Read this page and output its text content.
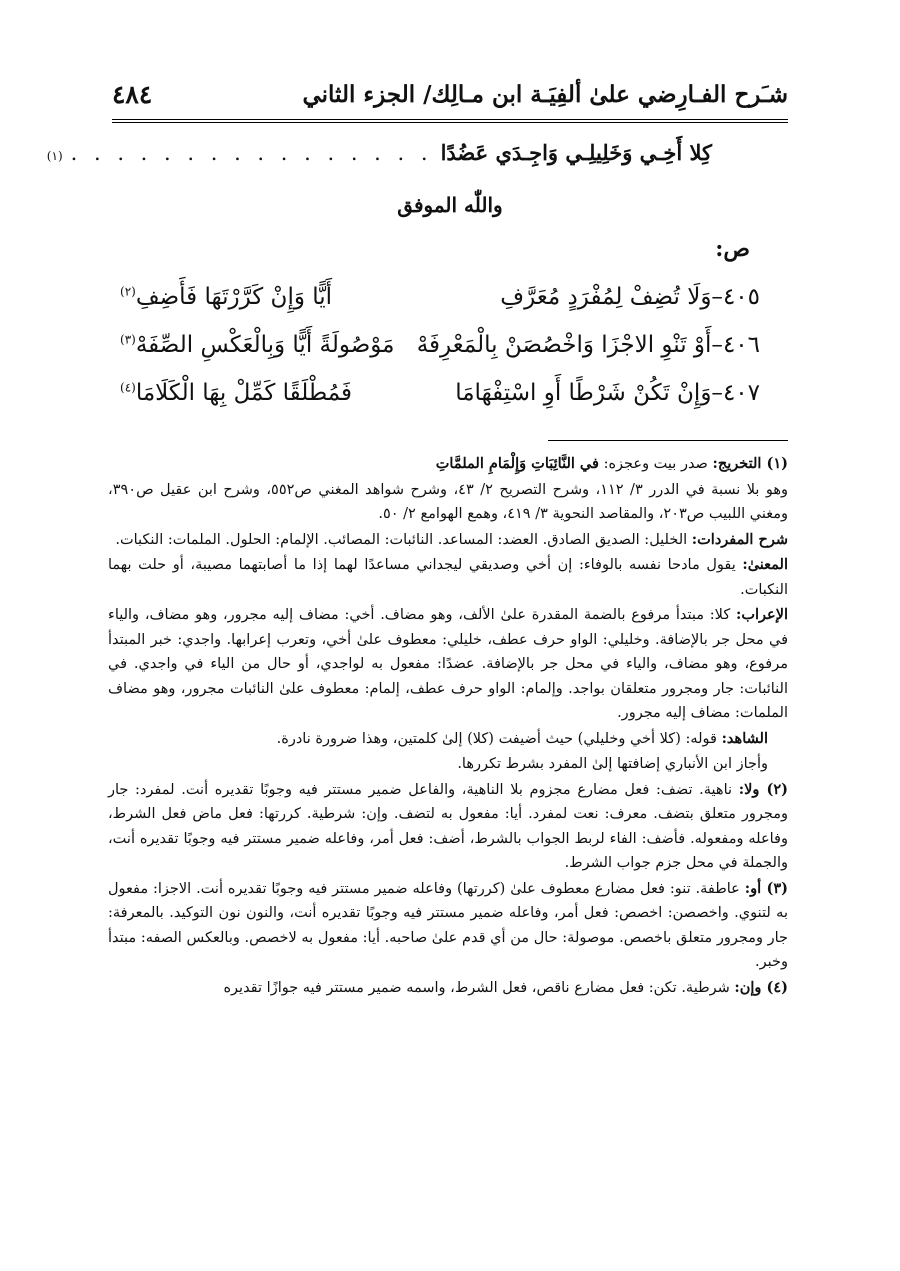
شـَرح الفـارِضي علىٰ ألفِيَـة ابن مـالِك/ الجزء الثاني
٤٨٤
كِلا أَخِـي وَخَلِيلِـي وَاجِـدَي عَضُدًا
. . . . . . . . . . . . . . . .
(١)
واللّٰه الموفق
ص:
٤٠٥–وَلَا تُضِفْ لِمُفْرَدٍ مُعَرَّفِ
أَيًّا وَإِنْ كَرَّرْتَهَا فَأَضِفِ$^{(٢)}$
٤٠٦–أَوْ تَنْوِ الاجْزَا وَاخْصُصَنْ بِالْمَعْرِفَهْ
مَوْصُولَةً أَيًّا وَبِالْعَكْسِ الصِّفَهْ$^{(٣)}$
٤٠٧–وَإِنْ تَكُنْ شَرْطًا أَوِ اسْتِفْهَامَا
فَمُطْلَقًا كَمِّلْ بِهَا الْكَلَامَا$^{(٤)}$

(١) التخريج: صدر بيت وعجزه: في النَّائِبَاتِ وَإِلْمَامِ الملمَّاتِ

وهو بلا نسبة في الدرر ٣/ ١١٢، وشرح التصريح ٢/ ٤٣، وشرح شواهد المغني ص٥٥٢، وشرح ابن عقيل ص٣٩٠، ومغني اللبيب ص٢٠٣، والمقاصد النحوية ٣/ ٤١٩، وهمع الهوامع ٢/ ٥٠.

شرح المفردات: الخليل: الصديق الصادق. العضد: المساعد. النائبات: المصائب. الإلمام: الحلول. الملمات: النكبات.

المعنىٰ: يقول مادحا نفسه بالوفاء: إن أخي وصديقي ليجداني مساعدًا لهما إذا ما أصابتهما مصيبة، أو حلت بهما النكبات.

الإعراب: كلا: مبتدأ مرفوع بالضمة المقدرة علىٰ الألف، وهو مضاف. أخي: مضاف إليه مجرور، وهو مضاف، والياء في محل جر بالإضافة. وخليلي: الواو حرف عطف، خليلي: معطوف علىٰ أخي، وتعرب إعرابها. واجدي: خبر المبتدأ مرفوع، وهو مضاف، والياء في محل جر بالإضافة. عضدًا: مفعول به لواجدي، أو حال من الياء في واجدي. في النائبات: جار ومجرور متعلقان بواجد. وإلمام: الواو حرف عطف، إلمام: معطوف علىٰ النائبات مجرور، وهو مضاف الملمات: مضاف إليه مجرور.

الشاهد: قوله: (كلا أخي وخليلي) حيث أضيفت (كلا) إلىٰ كلمتين، وهذا ضرورة نادرة.

وأجاز ابن الأنباري إضافتها إلىٰ المفرد بشرط تكررها.

(٢) ولا: ناهية. تضف: فعل مضارع مجزوم بلا الناهية، والفاعل ضمير مستتر فيه وجوبًا تقديره أنت. لمفرد: جار ومجرور متعلق بتضف. معرف: نعت لمفرد. أيا: مفعول به لتضف. وإن: شرطية. كررتها: فعل ماض فعل الشرط، وفاعله ومفعوله. فأضف: الفاء لربط الجواب بالشرط، أضف: فعل أمر، وفاعله ضمير مستتر فيه وجوبًا تقديره أنت، والجملة في محل جزم جواب الشرط.

(٣) أو: عاطفة. تنو: فعل مضارع معطوف علىٰ (كررتها) وفاعله ضمير مستتر فيه وجوبًا تقديره أنت. الاجزا: مفعول به لتنوي. واخصصن: اخصص: فعل أمر، وفاعله ضمير مستتر فيه وجوبًا تقديره أنت، والنون نون التوكيد. بالمعرفة: جار ومجرور متعلق باخصص. موصولة: حال من أي قدم علىٰ صاحبه. أيا: مفعول به لاخصص. وبالعكس الصفه: مبتدأ وخبر.

(٤) وإن: شرطية. تكن: فعل مضارع ناقص، فعل الشرط، واسمه ضمير مستتر فيه جوازًا تقديره
